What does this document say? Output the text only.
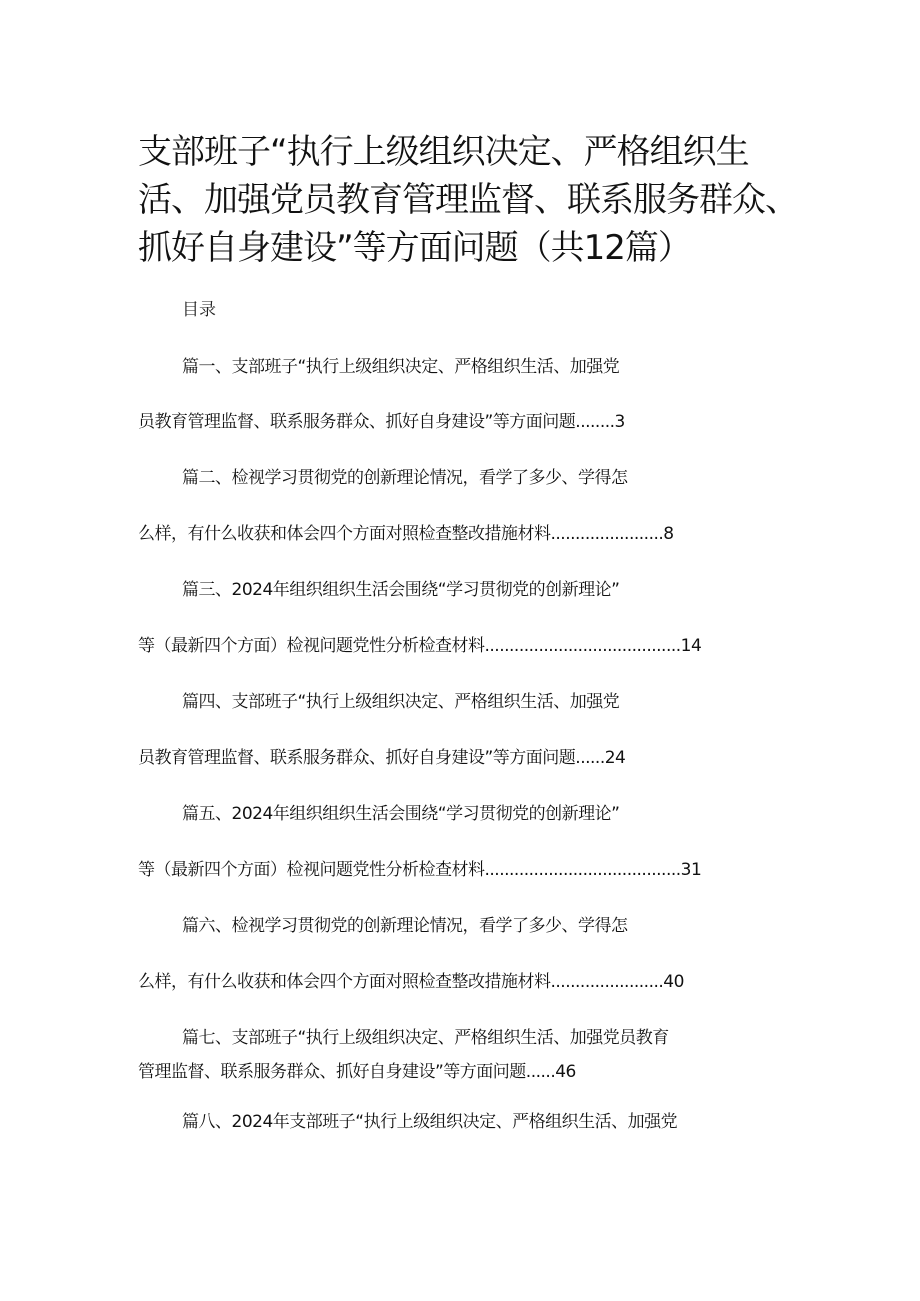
支部班子“执行上级组织决定、严格组织生活、加强党员教育管理监督、联系服务群众、抓好自身建设”等方面问题（共12篇）
目录
篇一、支部班子“执行上级组织决定、严格组织生活、加强党
员教育管理监督、联系服务群众、抓好自身建设”等方面问题........3
篇二、检视学习贯彻党的创新理论情况，看学了多少、学得怎
么样，有什么收获和体会四个方面对照检查整改措施材料.......................8
篇三、2024年组织组织生活会围绕“学习贯彻党的创新理论”
等（最新四个方面）检视问题党性分析检查材料........................................14
篇四、支部班子“执行上级组织决定、严格组织生活、加强党
员教育管理监督、联系服务群众、抓好自身建设”等方面问题......24
篇五、2024年组织组织生活会围绕“学习贯彻党的创新理论”
等（最新四个方面）检视问题党性分析检查材料........................................31
篇六、检视学习贯彻党的创新理论情况，看学了多少、学得怎
么样，有什么收获和体会四个方面对照检查整改措施材料.......................40
篇七、支部班子“执行上级组织决定、严格组织生活、加强党员教育
管理监督、联系服务群众、抓好自身建设”等方面问题......46
篇八、2024年支部班子“执行上级组织决定、严格组织生活、加强党
